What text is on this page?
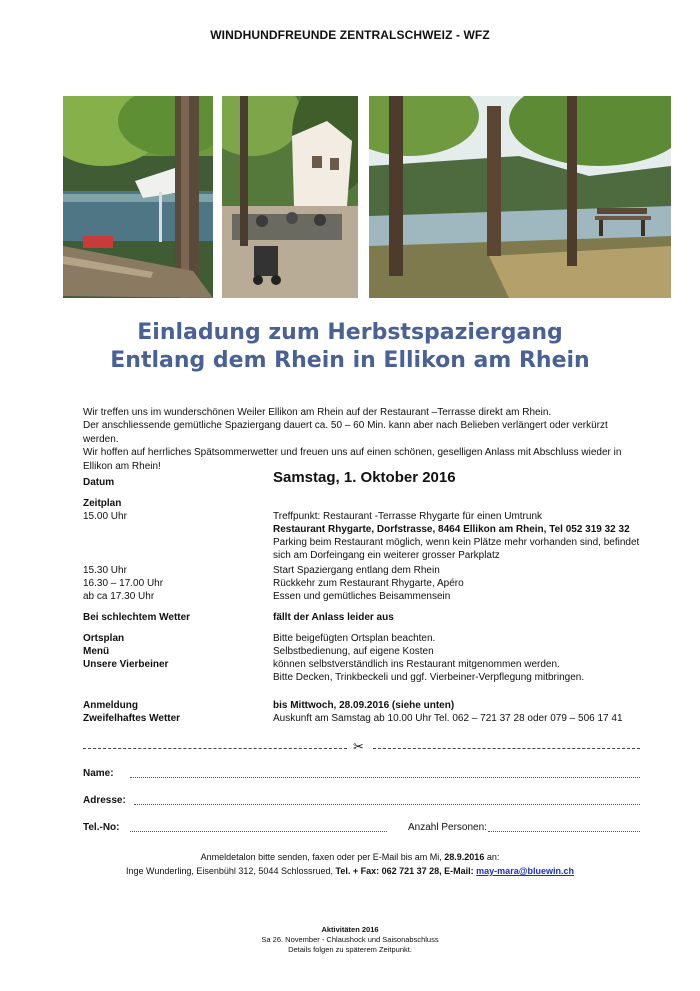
WINDHUNDFREUNDE ZENTRALSCHWEIZ - WFZ
Einladung zum Herbstspaziergang
Entlang dem Rhein in Ellikon am Rhein
Wir treffen uns im wunderschönen Weiler Ellikon am Rhein auf der Restaurant –Terrasse direkt am Rhein.
Der anschliessende gemütliche Spaziergang dauert ca. 50 – 60 Min. kann aber nach Belieben verlängert oder verkürzt werden.
Wir hoffen auf herrliches Spätsommerwetter und freuen uns auf einen schönen, geselligen Anlass mit Abschluss wieder in Ellikon am Rhein!
Datum	Samstag, 1. Oktober 2016
Zeitplan
15.00 Uhr	Treffpunkt: Restaurant -Terrasse Rhygarte für einen Umtrunk
Restaurant Rhygarte, Dorfstrasse, 8464 Ellikon am Rhein, Tel 052 319 32 32
Parking beim Restaurant möglich, wenn kein Plätze mehr vorhanden sind, befindet
sich am Dorfeingang ein weiterer grosser Parkplatz
15.30 Uhr	Start Spaziergang entlang dem Rhein
16.30 – 17.00 Uhr	Rückkehr zum Restaurant Rhygarte, Apéro
ab ca 17.30 Uhr	Essen und gemütliches Beisammensein
Bei schlechtem Wetter	fällt der Anlass leider aus
Ortsplan	Bitte beigefügten Ortsplan beachten.
Menü	Selbstbedienung, auf eigene Kosten
Unsere Vierbeiner	können selbstverständlich ins Restaurant mitgenommen werden.
Bitte Decken, Trinkbeckeli und ggf. Vierbeiner-Verpflegung mitbringen.
Anmeldung	bis Mittwoch, 28.09.2016 (siehe unten)
Zweifelhaftes Wetter	Auskunft am Samstag ab 10.00 Uhr Tel. 062 – 721 37 28 oder 079 – 506 17 41
✂
Name:
Adresse:
Tel.-No:	Anzahl Personen:
Anmeldetalon bitte senden, faxen oder per E-Mail bis am Mi, 28.9.2016 an:
Inge Wunderling, Eisenbühl 312, 5044 Schlossrued, Tel. + Fax: 062 721 37 28, E-Mail: may-mara@bluewin.ch
Aktivitäten 2016
Sa 26. November - Chlaushock und Saisonabschluss
Details folgen zu späterem Zeitpunkt.
